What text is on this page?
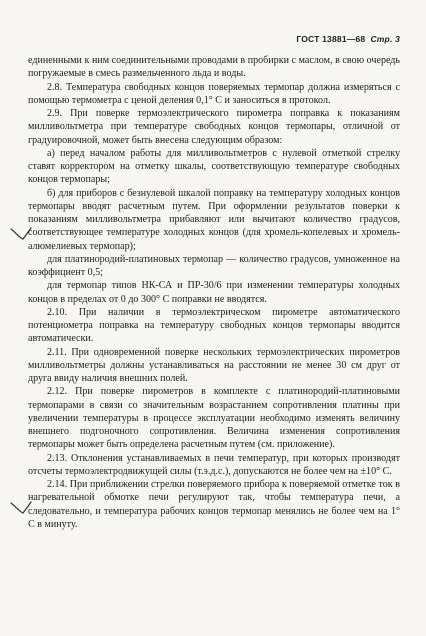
ГОСТ 13881—68 Стр. 3

единенными к ним соединительными проводами в пробирки с маслом, в свою очередь погружаемые в смесь размельченного льда и воды.

2.8. Температура свободных концов поверяемых термопар должна измеряться с помощью термометра с ценой деления 0,1° С и заноситься в протокол.

2.9. При поверке термоэлектрического пирометра поправка к показаниям милливольтметра при температуре свободных концов термопары, отличной от градуировочной, может быть внесена следующим образом:

а) перед началом работы для милливольтметров с нулевой отметкой стрелку ставят корректором на отметку шкалы, соответствующую температуре свободных концов термопары;

б) для приборов с безнулевой шкалой поправку на температуру холодных концов термопары вводят расчетным путем. При оформлении результатов поверки к показаниям милливольтметра прибавляют или вычитают количество градусов, соответствующее температуре холодных концов (для хромель-копелевых и хромель-алюмелиевых термопар);

для платинородий-платиновых термопар — количество градусов, умноженное на коэффициент 0,5;

для термопар типов НК-СА и ПР-30/6 при изменении температуры холодных концов в пределах от 0 до 300° С поправки не вводятся.

2.10. При наличии в термоэлектрическом пирометре автоматического потенциометра поправка на температуру свободных концов термопары вводится автоматически.

2.11. При одновременной поверке нескольких термоэлектрических пирометров милливольтметры должны устанавливаться на расстоянии не менее 30 см друг от друга ввиду наличия внешних полей.

2.12. При поверке пирометров в комплекте с платинородий-платиновыми термопарами в связи со значительным возрастанием сопротивления платины при увеличении температуры в процессе эксплуатации необходимо изменять величину внешнего подгоночного сопротивления. Величина изменения сопротивления термопары может быть определена расчетным путем (см. приложение).

2.13. Отклонения устанавливаемых в печи температур, при которых производят отсчеты термоэлектродвижущей силы (т.э.д.с.), допускаются не более чем на ±10° С.

2.14. При приближении стрелки поверяемого прибора к поверяемой отметке ток в нагревательной обмотке печи регулируют так, чтобы температура печи, а следовательно, и температура рабочих концов термопар менялись не более чем на 1° С в минуту.
